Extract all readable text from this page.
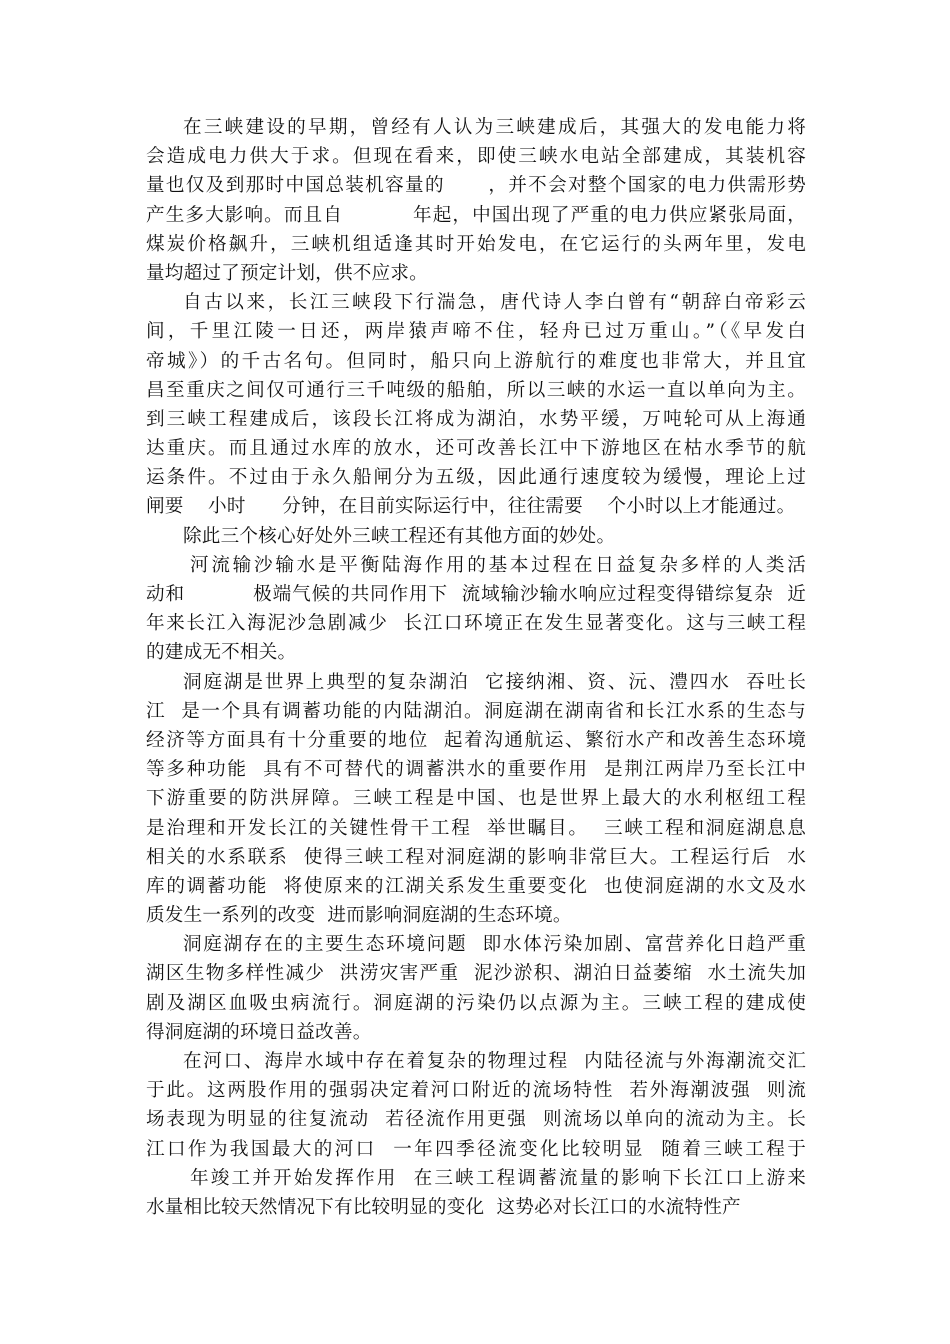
在三峡建设的早期，曾经有人认为三峡建成后，其强大的发电能力将
会造成电力供大于求。但现在看来，即使三峡水电站全部建成，其装机容
量也仅及到那时中国总装机容量的      ，并不会对整个国家的电力供需形势
产生多大影响。而且自          年起，中国出现了严重的电力供应紧张局面，
煤炭价格飙升，三峡机组适逢其时开始发电，在它运行的头两年里，发电
量均超过了预定计划，供不应求。
自古以来，长江三峡段下行湍急，唐代诗人李白曾有“朝辞白帝彩云
间，千里江陵一日还，两岸猿声啼不住，轻舟已过万重山。”（《早发白
帝城》）的千古名句。但同时，船只向上游航行的难度也非常大，并且宜
昌至重庆之间仅可通行三千吨级的船舶，所以三峡的水运一直以单向为主。
到三峡工程建成后，该段长江将成为湖泊，水势平缓，万吨轮可从上海通
达重庆。而且通过水库的放水，还可改善长江中下游地区在枯水季节的航
运条件。不过由于永久船闸分为五级，因此通行速度较为缓慢，理论上过
闸要    小时      分钟，在目前实际运行中，往往需要    个小时以上才能通过。
除此三个核心好处外三峡工程还有其他方面的妙处。
河流输沙输水是平衡陆海作用的基本过程在日益复杂多样的人类活
动和          极端气候的共同作用下  流域输沙输水响应过程变得错综复杂  近
年来长江入海泥沙急剧减少  长江口环境正在发生显著变化。这与三峡工程
的建成无不相关。
洞庭湖是世界上典型的复杂湖泊  它接纳湘、资、沅、澧四水  吞吐长
江  是一个具有调蓄功能的内陆湖泊。洞庭湖在湖南省和长江水系的生态与
经济等方面具有十分重要的地位  起着沟通航运、繁衍水产和改善生态环境
等多种功能  具有不可替代的调蓄洪水的重要作用  是荆江两岸乃至长江中
下游重要的防洪屏障。三峡工程是中国、也是世界上最大的水利枢纽工程
是治理和开发长江的关键性骨干工程  举世瞩目。  三峡工程和洞庭湖息息
相关的水系联系  使得三峡工程对洞庭湖的影响非常巨大。工程运行后  水
库的调蓄功能  将使原来的江湖关系发生重要变化  也使洞庭湖的水文及水
质发生一系列的改变  进而影响洞庭湖的生态环境。
洞庭湖存在的主要生态环境问题  即水体污染加剧、富营养化日趋严重
湖区生物多样性减少  洪涝灾害严重  泥沙淤积、湖泊日益萎缩  水土流失加
剧及湖区血吸虫病流行。洞庭湖的污染仍以点源为主。三峡工程的建成使
得洞庭湖的环境日益改善。
在河口、海岸水域中存在着复杂的物理过程  内陆径流与外海潮流交汇
于此。这两股作用的强弱决定着河口附近的流场特性  若外海潮波强  则流
场表现为明显的往复流动  若径流作用更强  则流场以单向的流动为主。长
江口作为我国最大的河口  一年四季径流变化比较明显  随着三峡工程于
年竣工并开始发挥作用  在三峡工程调蓄流量的影响下长江口上游来
水量相比较天然情况下有比较明显的变化  这势必对长江口的水流特性产
